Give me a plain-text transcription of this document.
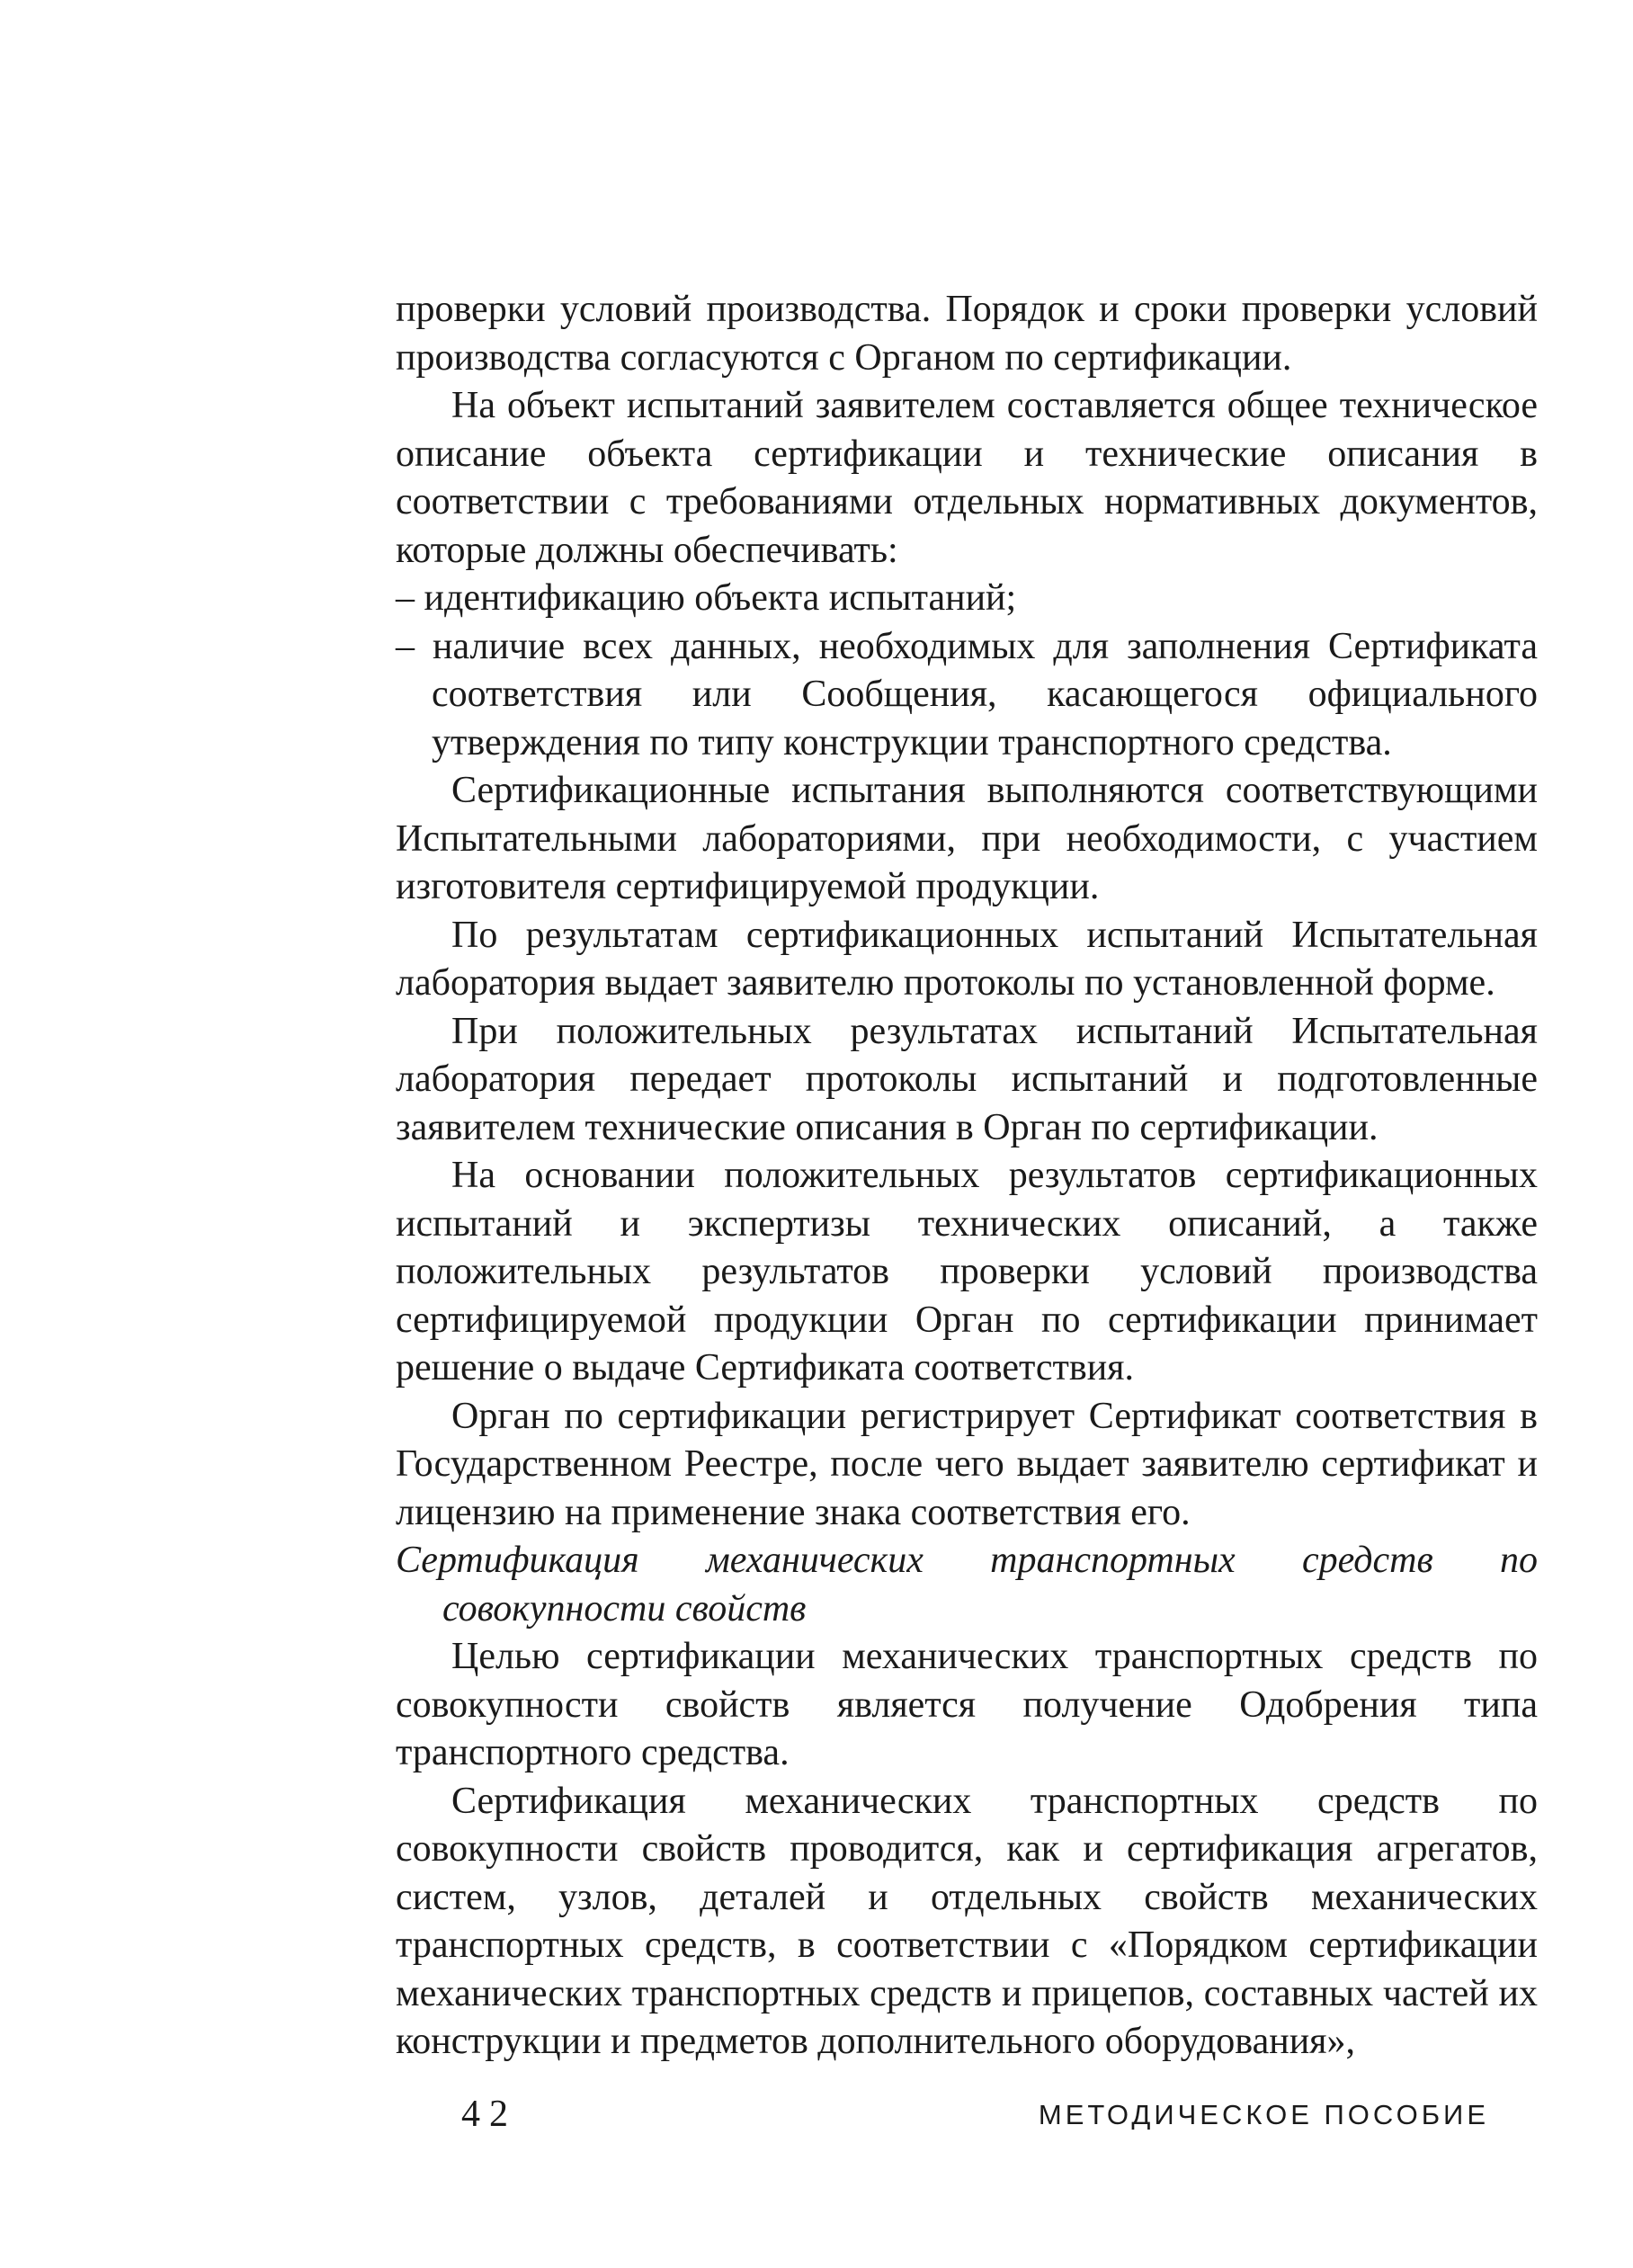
проверки условий производства. Порядок и сроки проверки условий производства согласуются с Органом по сертификации.

На объект испытаний заявителем составляется общее техническое описание объекта сертификации и технические описания в соответствии с требованиями отдельных нормативных документов, которые должны обеспечивать:

– идентификацию объекта испытаний;

– наличие всех данных, необходимых для заполнения Сертификата соответствия или Сообщения, касающегося официального утверждения по типу конструкции транспортного средства.

Сертификационные испытания выполняются соответствующими Испытательными лабораториями, при необходимости, с участием изготовителя сертифицируемой продукции.

По результатам сертификационных испытаний Испытательная лаборатория выдает заявителю протоколы по установленной форме.

При положительных результатах испытаний Испытательная лаборатория передает протоколы испытаний и подготовленные заявителем технические описания в Орган по сертификации.

На основании положительных результатов сертификационных испытаний и экспертизы технических описаний, а также положительных результатов проверки условий производства сертифицируемой продукции Орган по сертификации принимает решение о выдаче Сертификата соответствия.

Орган по сертификации регистрирует Сертификат соответствия в Государственном Реестре, после чего выдает заявителю сертификат и лицензию на применение знака соответствия его.

Сертификация механических транспортных средств по совокупности свойств

Целью сертификации механических транспортных средств по совокупности свойств является получение Одобрения типа транспортного средства.

Сертификация механических транспортных средств по совокупности свойств проводится, как и сертификация агрегатов, систем, узлов, деталей и отдельных свойств механических транспортных средств, в соответствии с «Порядком сертификации механических транспортных средств и прицепов, составных частей их конструкции и предметов дополнительного оборудования»,

42	МЕТОДИЧЕСКОЕ ПОСОБИЕ
